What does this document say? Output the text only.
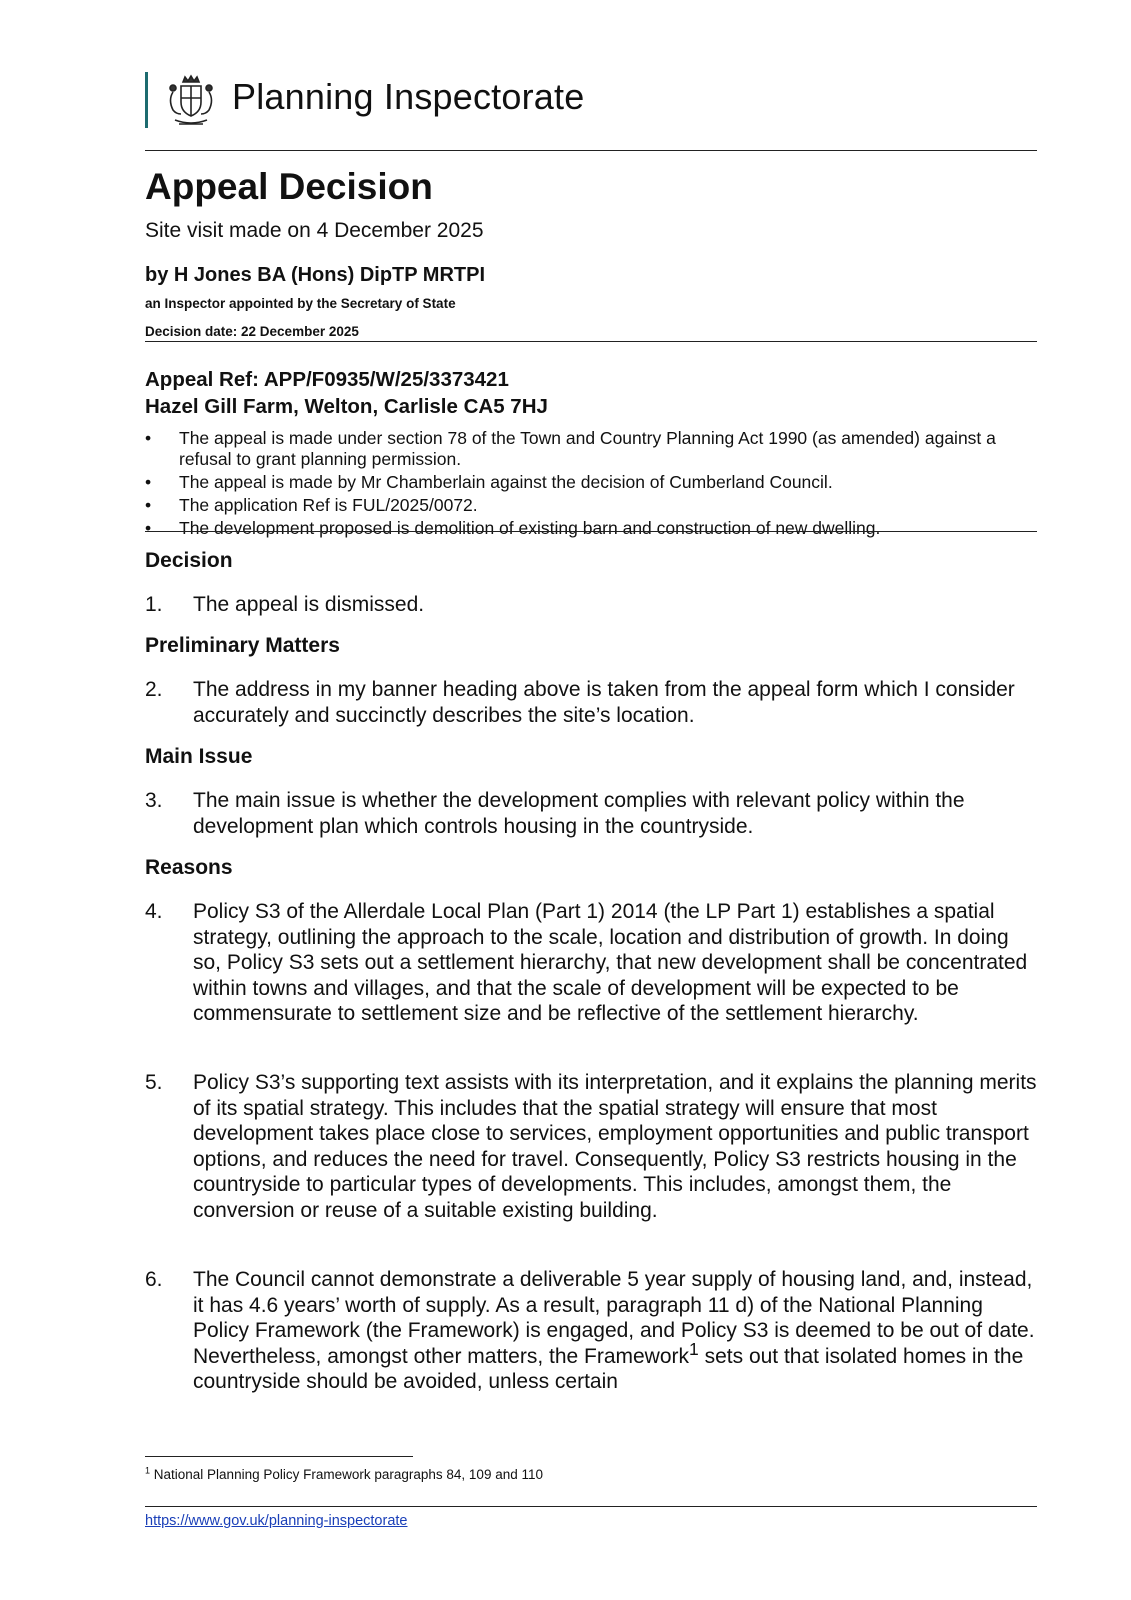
Planning Inspectorate
Appeal Decision
Site visit made on 4 December 2025
by H Jones BA (Hons) DipTP MRTPI
an Inspector appointed by the Secretary of State
Decision date: 22 December 2025
Appeal Ref: APP/F0935/W/25/3373421
Hazel Gill Farm, Welton, Carlisle CA5 7HJ
• The appeal is made under section 78 of the Town and Country Planning Act 1990 (as amended) against a refusal to grant planning permission.
• The appeal is made by Mr Chamberlain against the decision of Cumberland Council.
• The application Ref is FUL/2025/0072.
• The development proposed is demolition of existing barn and construction of new dwelling.
Decision
1. The appeal is dismissed.
Preliminary Matters
2. The address in my banner heading above is taken from the appeal form which I consider accurately and succinctly describes the site’s location.
Main Issue
3. The main issue is whether the development complies with relevant policy within the development plan which controls housing in the countryside.
Reasons
4. Policy S3 of the Allerdale Local Plan (Part 1) 2014 (the LP Part 1) establishes a spatial strategy, outlining the approach to the scale, location and distribution of growth. In doing so, Policy S3 sets out a settlement hierarchy, that new development shall be concentrated within towns and villages, and that the scale of development will be expected to be commensurate to settlement size and be reflective of the settlement hierarchy.
5. Policy S3’s supporting text assists with its interpretation, and it explains the planning merits of its spatial strategy. This includes that the spatial strategy will ensure that most development takes place close to services, employment opportunities and public transport options, and reduces the need for travel. Consequently, Policy S3 restricts housing in the countryside to particular types of developments. This includes, amongst them, the conversion or reuse of a suitable existing building.
6. The Council cannot demonstrate a deliverable 5 year supply of housing land, and, instead, it has 4.6 years’ worth of supply. As a result, paragraph 11 d) of the National Planning Policy Framework (the Framework) is engaged, and Policy S3 is deemed to be out of date. Nevertheless, amongst other matters, the Framework$^1$ sets out that isolated homes in the countryside should be avoided, unless certain
$^1$ National Planning Policy Framework paragraphs 84, 109 and 110
https://www.gov.uk/planning-inspectorate
